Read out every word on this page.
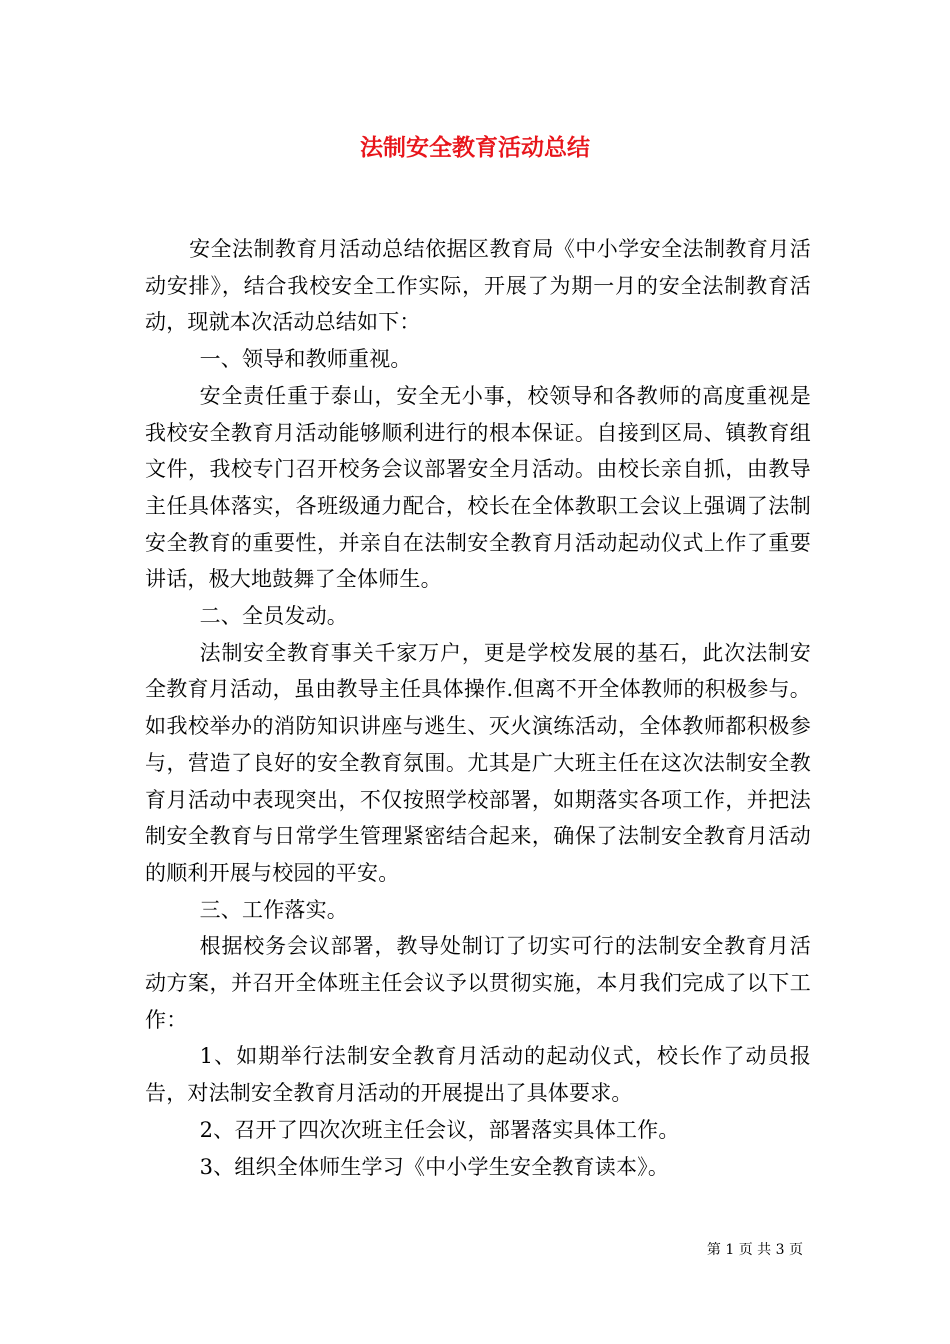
法制安全教育活动总结

安全法制教育月活动总结依据区教育局《中小学安全法制教育月活动安排》，结合我校安全工作实际，开展了为期一月的安全法制教育活动，现就本次活动总结如下：

一、领导和教师重视。

安全责任重于泰山，安全无小事，校领导和各教师的高度重视是我校安全教育月活动能够顺利进行的根本保证。自接到区局、镇教育组文件，我校专门召开校务会议部署安全月活动。由校长亲自抓，由教导主任具体落实，各班级通力配合，校长在全体教职工会议上强调了法制安全教育的重要性，并亲自在法制安全教育月活动起动仪式上作了重要讲话，极大地鼓舞了全体师生。

二、全员发动。

法制安全教育事关千家万户，更是学校发展的基石，此次法制安全教育月活动，虽由教导主任具体操作.但离不开全体教师的积极参与。如我校举办的消防知识讲座与逃生、灭火演练活动，全体教师都积极参与，营造了良好的安全教育氛围。尤其是广大班主任在这次法制安全教育月活动中表现突出，不仅按照学校部署，如期落实各项工作，并把法制安全教育与日常学生管理紧密结合起来，确保了法制安全教育月活动的顺利开展与校园的平安。

三、工作落实。

根据校务会议部署，教导处制订了切实可行的法制安全教育月活动方案，并召开全体班主任会议予以贯彻实施，本月我们完成了以下工作：

1、如期举行法制安全教育月活动的起动仪式，校长作了动员报告，对法制安全教育月活动的开展提出了具体要求。

2、召开了四次次班主任会议，部署落实具体工作。

3、组织全体师生学习《中小学生安全教育读本》。

第 1 页 共 3 页
